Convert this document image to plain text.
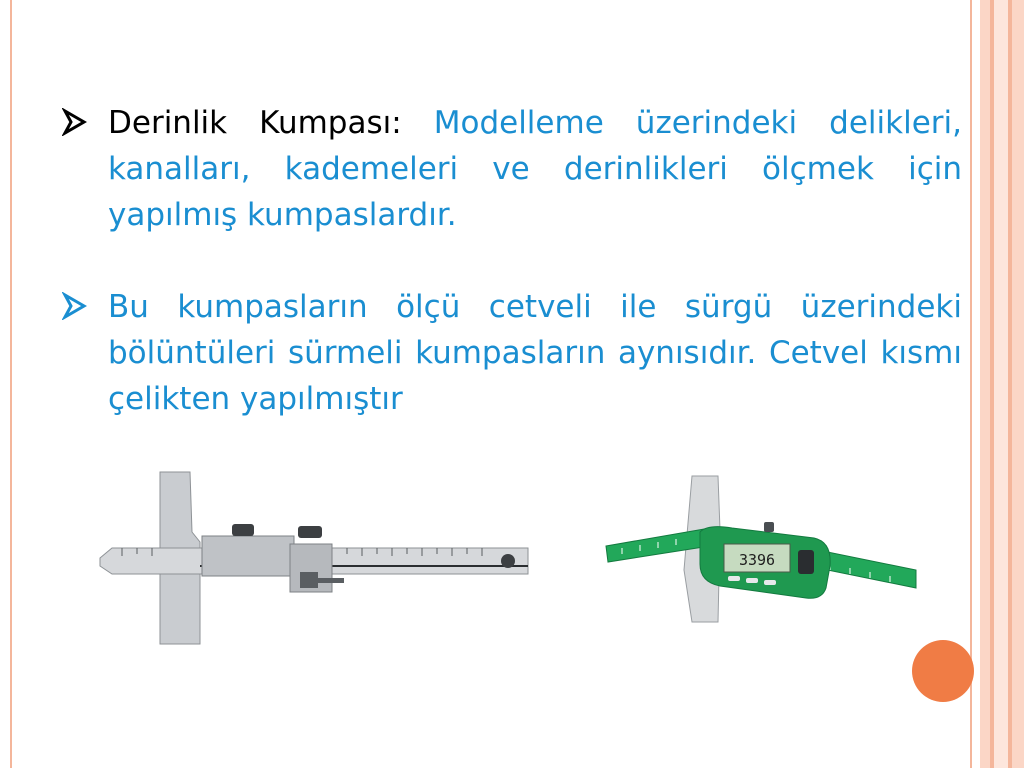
Derinlik Kumpası: Modelleme üzerindeki delikleri, kanalları, kademeleri ve derinlikleri ölçmek için yapılmış kumpaslardır.
Bu kumpasların ölçü cetveli ile sürgü üzerindeki bölüntüleri sürmeli kumpasların aynısıdır. Cetvel kısmı çelikten yapılmıştır
3396
